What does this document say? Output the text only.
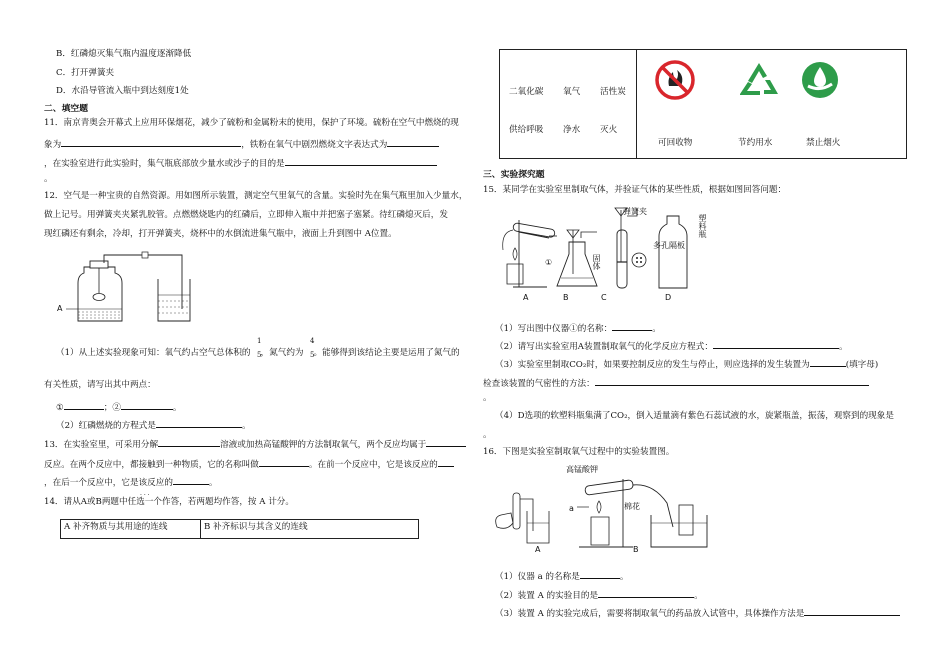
B．红磷熄灭集气瓶内温度逐渐降低
C．打开弹簧夹
D．水沿导管流入瓶中到达刻度1处
二、填空题
11．南京青奥会开幕式上应用环保烟花，减少了硫粉和金属粉末的使用，保护了环境。硫粉在空气中燃烧的现
象为	，铁粉在氧气中剧烈燃烧文字表达式为
，在实验室进行此实验时，集气瓶底部放少量水或沙子的目的是
。
12．空气是一种宝贵的自然资源。用如图所示装置，测定空气里氧气的含量。实验时先在集气瓶里加入少量水，
做上记号。用弹簧夹夹紧乳胶管。点燃燃烧匙内的红磷后，立即伸入瓶中并把塞子塞紧。待红磷熄灭后，发
现红磷还有剩余，冷却，打开弹簧夹，烧杯中的水倒流进集气瓶中，液面上升到图中 A位置。
A
1
5
4
5
（1）从上述实验现象可知：氧气约占空气总体积的 ，氮气约为 。能够得到该结论主要是运用了氮气的
有关性质，请写出其中两点：
①	；②	。
（2）红磷燃烧的方程式是	。
13．在实验室里，可采用分解	溶液或加热高锰酸钾的方法制取氧气，两个反应均属于
反应。在两个反应中，都接触到一种物质，它的名称叫做	。在前一个反应中，它是该反应的
，在后一个反应中，它是该反应的	。
· · ·
14．请从A或B两题中任选一个作答，若两题均作答，按 A 计分。
A 补齐物质与其用途的连线	B 补齐标识与其含义的连线
二氧化碳 氧气 活性炭
供给呼吸 净水 灭火
可回收物	节约用水	禁止烟火
三、实验探究题
15．某同学在实验室里制取气体，并验证气体的某些性质，根据如图回答问题：
弹簧夹
多孔隔板
固体
塑料瓶
①
A	B	C	D
（1）写出图中仪器①的名称：	。
（2）请写出实验室用A装置制取氧气的化学反应方程式：	。
（3）实验室里制取CO₂时，如果要控制反应的发生与停止，则应选择的发生装置为	(填字母)
检查该装置的气密性的方法：
。
（4）D选项的软塑料瓶集满了CO₂，倒入适量滴有紫色石蕊试液的水，旋紧瓶盖，振荡，观察到的现象是
。
16．下图是实验室制取氧气过程中的实验装置图。
高锰酸钾
棉花
a
A	B
（1）仪器 a 的名称是	。
（2）装置 A 的实验目的是	。
（3）装置 A 的实验完成后，需要将制取氧气的药品放入试管中，具体操作方法是
